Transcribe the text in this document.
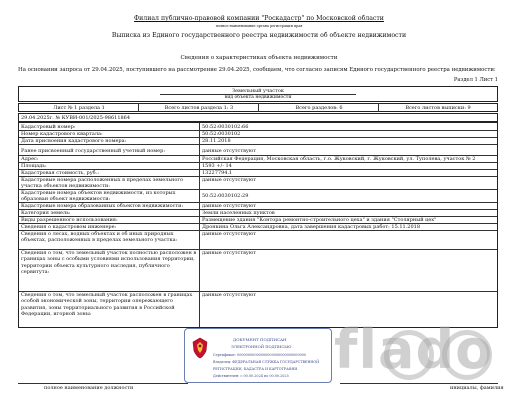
Филиал публично-правовой компании "Роскадастр" по Московской области
полное наименование органа регистрации прав
Выписка из Единого государственного реестра недвижимости об объекте недвижимости
Сведения о характеристиках объекта недвижимости
На основании запроса от 29.04.2025, поступившего на рассмотрение 29.04.2025, сообщаем, что согласно записям Единого государственного реестра недвижимости:
Раздел 1 Лист 1
Земельный участок
вид объекта недвижимости
Лист № 1 раздела 1	Всего листов раздела 1: 3	Всего разделов: 6	Всего листов выписки: 9
29.04.2025г. № КУВИ-001/2025-98611864
Кадастровый номер:	50:52:0030102:66
Номер кадастрового квартала:	50:52:0030102
Дата присвоения кадастрового номера:	28.11.2018
Ранее присвоенный государственный учетный номер:	данные отсутствуют
Адрес:	Российская Федерация, Московская область, г.о. Жуковский, г. Жуковский, ул. Туполева, участок № 2
Площадь:	1593 +/- 14
Кадастровая стоимость, руб.:	13227794.1
Кадастровые номера расположенных в пределах земельного участка объектов недвижимости:
данные отсутствуют
Кадастровые номера объектов недвижимости, из которых образован объект недвижимости:	50:52:0030102:29
Кадастровые номера образованных объектов недвижимости:	данные отсутствуют
Категория земель:	Земли населенных пунктов
Виды разрешенного использования:	Размещение здания "Контора ремонтно-строительного цеха" и здания "Столярный цех"
Сведения о кадастровом инженере:	Дронкина Ольга Александровна, дата завершения кадастровых работ: 15.11.2018
Сведения о лесах, водных объектах и об иных природных объектах, расположенных в пределах земельного участка:
данные отсутствуют
Сведения о том, что земельный участок полностью расположен в границах зоны с особыми условиями использования территории, территории объекта культурного наследия, публичного сервитута:
данные отсутствуют
Сведения о том, что земельный участок расположен в границах особой экономической зоны, территории опережающего развития, зоны территориального развития в Российской Федерации, игорной зоны:
данные отсутствуют
полное наименование должности	инициалы, фамилия
flado
ДОКУМЕНТ ПОДПИСАН
ЭЛЕКТРОННОЙ ПОДПИСЬЮ
Сертификат: 00000000000000000000000000000000
Владелец: ФЕДЕРАЛЬНАЯ СЛУЖБА ГОСУДАРСТВЕННОЙ
РЕГИСТРАЦИИ, КАДАСТРА И КАРТОГРАФИИ
Действителен: с 00.00.2024 по 00.00.2025
